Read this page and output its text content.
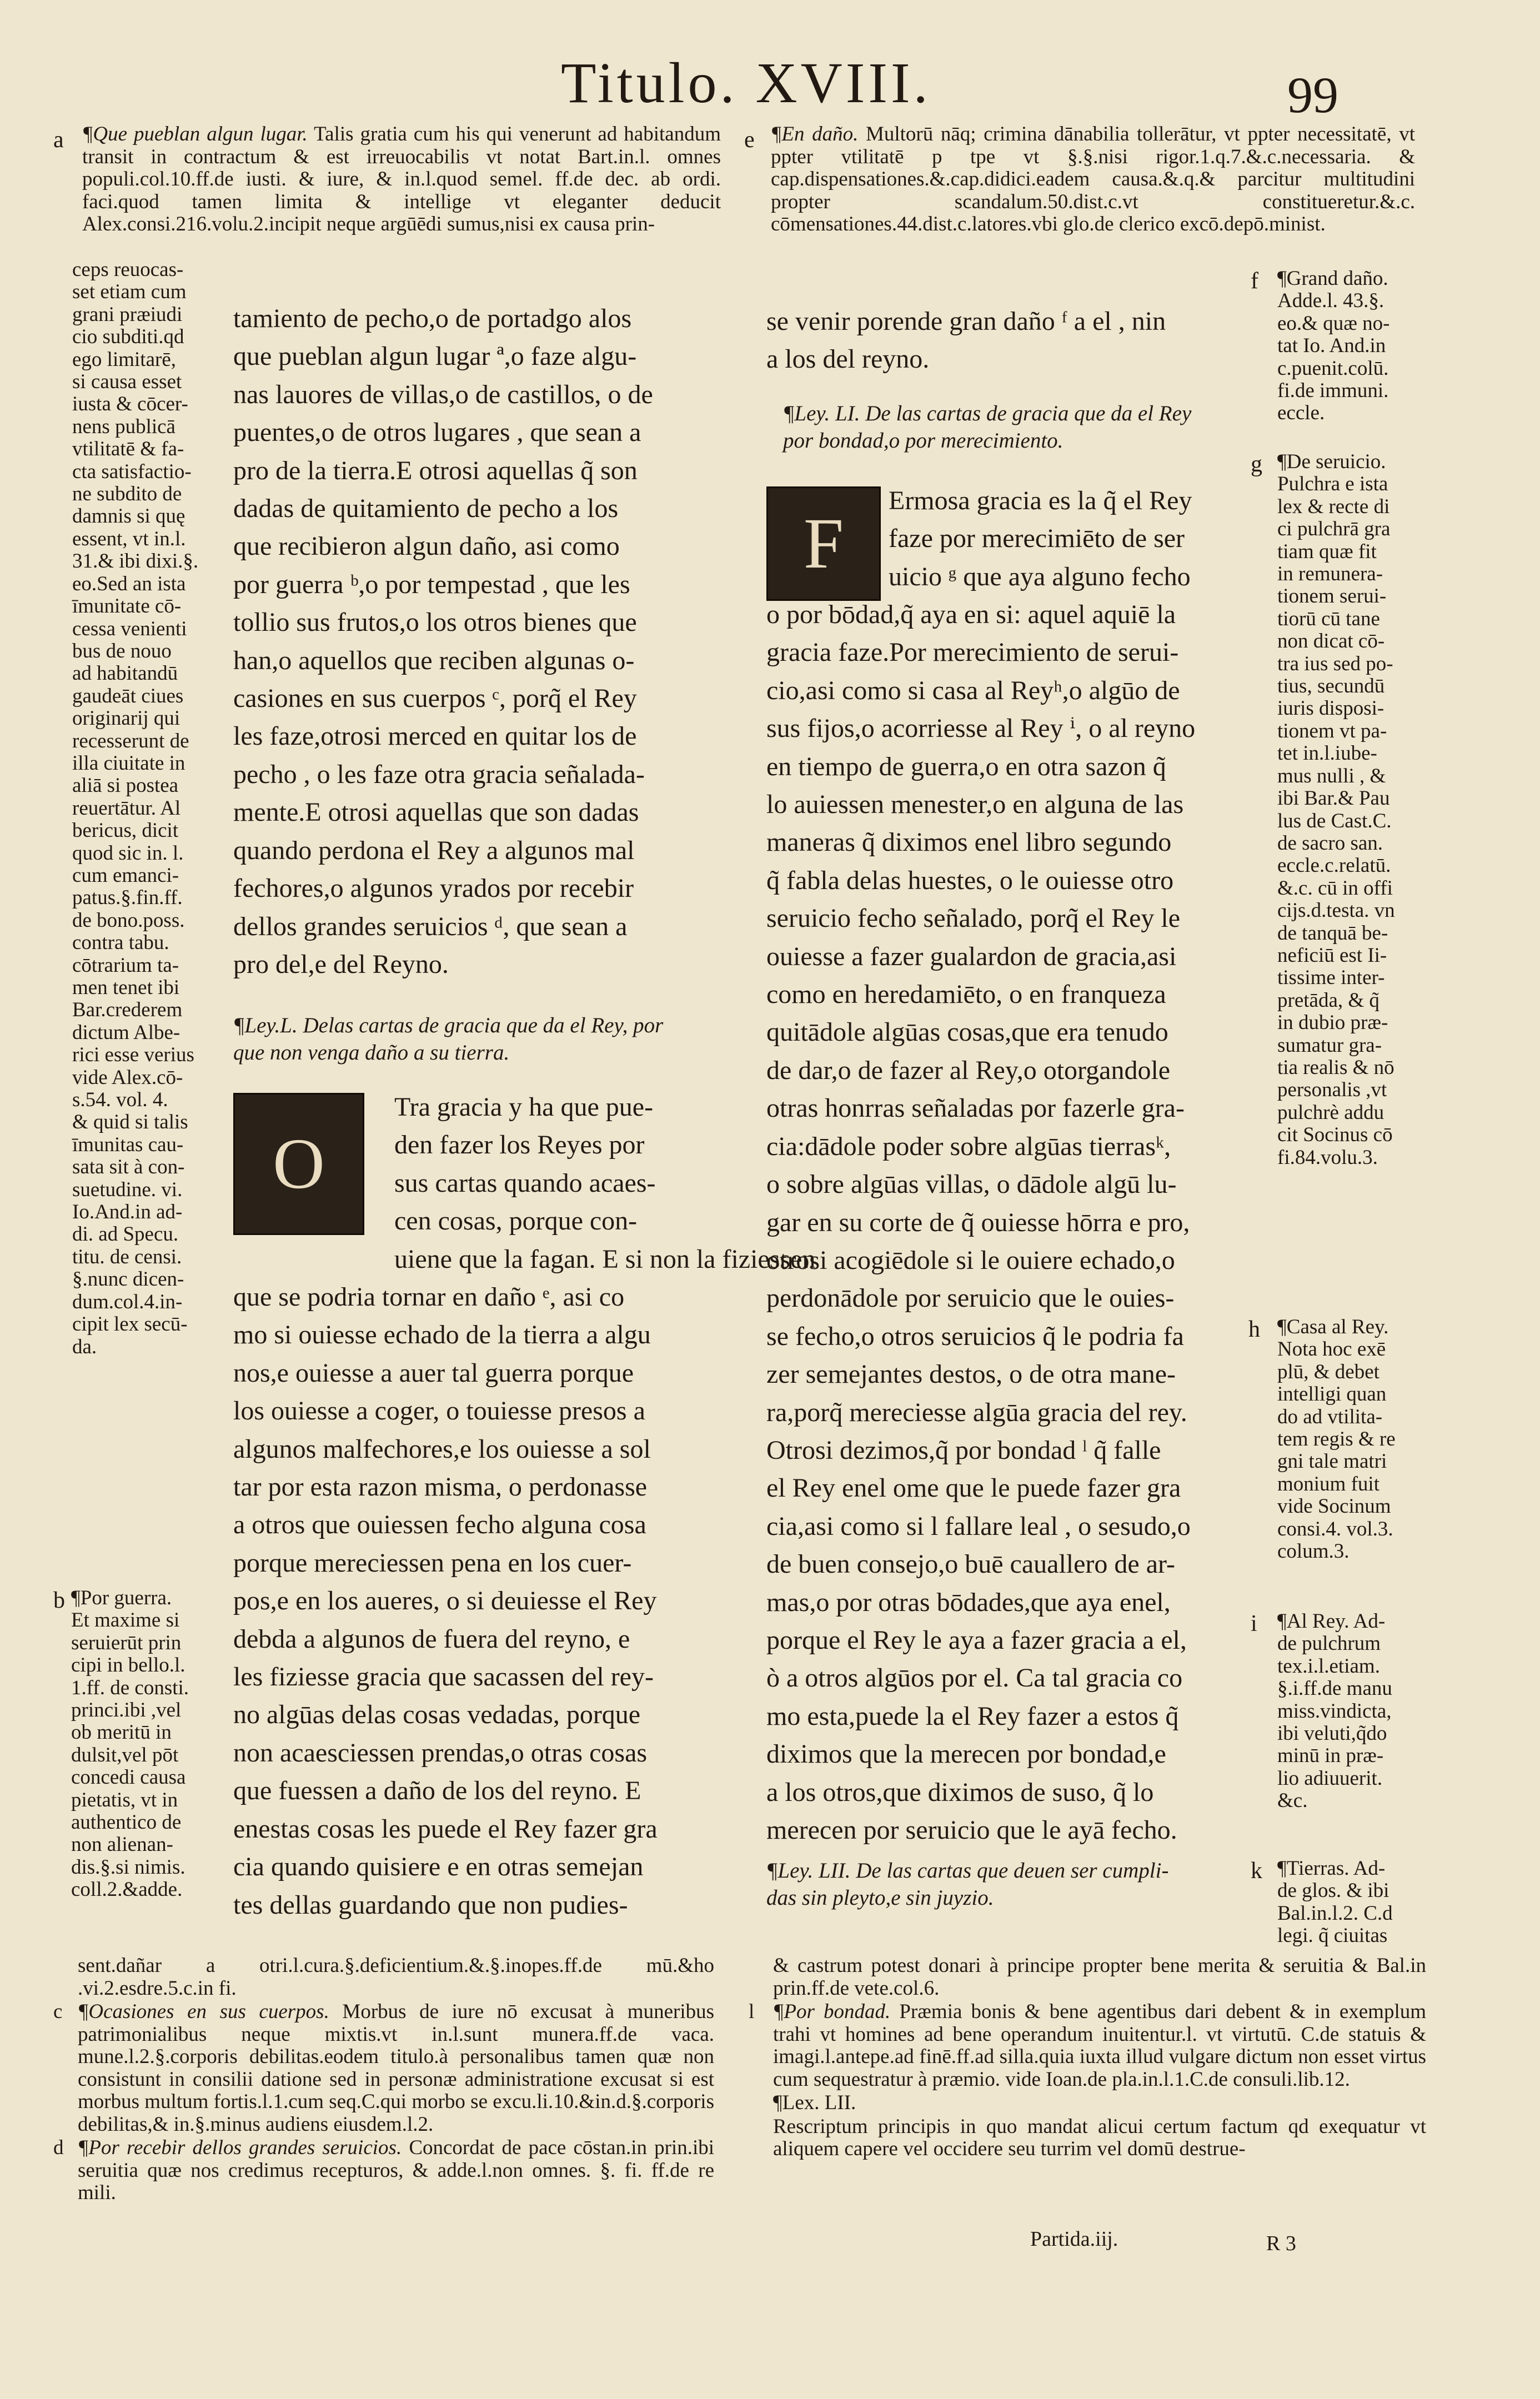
Titulo. XVIII.	99
a ¶Que pueblan algun lugar. Talis gratia cum his qui venerunt ad habitandum transit in contractum & est irreuocabilis vt notat Bart.in.l. omnes populi.col.10.ff.de iusti. & iure, & in.l.quod semel. ff.de dec. ab ordi. faci.quod tamen limita & intellige vt eleganter deducit Alex.consi.216.volu.2.incipit neque argūēdi sumus,nisi ex causa prin-
e ¶En daño. Multorū nāq; crimina dānabilia tollerātur, vt ͏ppter necessitatē, vt ͏ppter vtilitatē ͏p tpe vt §.§.nisi rigor.1.q.7.&.c.necessaria. & cap.dispensationes.&.cap.didici.eadem causa.&.q.& parcitur multitudini propter scandalum.50.dist.c.vt constitueretur.&.c. cōmensationes.44.dist.c.latores.vbi glo.de clerico excō.depō.minist.
ceps reuocas-
set etiam cum
grani præiudi
cio subditi.qd
ego limitarē,
si causa esset
iusta & cōcer-
nens publicā
vtilitatē & fa-
cta satisfactio-
ne subdito de
damnis si quę
essent, vt in.l.
31.& ibi dixi.§.
eo.Sed an ista
īmunitate cō-
cessa venienti
bus de nouo
ad habitandū
gaudeāt ciues
originarij qui
recesserunt de
illa ciuitate in
aliā si postea
reuertātur. Al
bericus, dicit
quod sic in. l.
cum emanci-
patus.§.fin.ff.
de bono.poss.
contra tabu.
cōtrarium ta-
men tenet ibi
Bar.crederem
dictum Albe-
rici esse verius
vide Alex.cō-
s.54. vol. 4.
& quid si talis
īmunitas cau-
sata sit à con-
suetudine. vi.
Io.And.in ad-
di. ad Specu.
titu. de censi.
§.nunc dicen-
dum.col.4.in-
cipit lex secū-
da.
b ¶Por guerra.
Et maxime si
seruierūt prin
cipi in bello.l.
1.ff. de consti.
princi.ibi ,vel
ob meritū in
dulsit,vel pōt
concedi causa
pietatis, vt in
authentico de
non alienan-
dis.§.si nimis.
coll.2.&adde.
tamiento de pecho,o de portadgo alos
que pueblan algun lugar ª,o faze algu-
nas lauores de villas,o de castillos, o de
puentes,o de otros lugares , que sean a
pro de la tierra.E otrosi aquellas q̃ son
dadas de quitamiento de pecho a los
que recibieron algun daño, asi como
por guerra ᵇ,o por tempestad , que les
tollio sus frutos,o los otros bienes que
han,o aquellos que reciben algunas o-
casiones en sus cuerpos ᶜ, porq̃ el Rey
les faze,otrosi merced en quitar los de
pecho , o les faze otra gracia señalada-
mente.E otrosi aquellas que son dadas
quando perdona el Rey a algunos mal
fechores,o algunos yrados por recebir
dellos grandes seruicios ᵈ, que sean a
pro del,e del Reyno.
¶Ley.L. Delas cartas de gracia que da el Rey, por
que non venga daño a su tierra.
O
Tra gracia y ha que pue-
den fazer los Reyes por
sus cartas quando acaes-
cen cosas, porque con-
uiene que la fagan. E si non la fiziessen
que se podria tornar en daño ᵉ, asi co
mo si ouiesse echado de la tierra a algu
nos,e ouiesse a auer tal guerra porque
los ouiesse a coger, o touiesse presos a
algunos malfechores,e los ouiesse a sol
tar por esta razon misma, o perdonasse
a otros que ouiessen fecho alguna cosa
porque mereciessen pena en los cuer-
pos,e en los aueres, o si deuiesse el Rey
debda a algunos de fuera del reyno, e
les fiziesse gracia que sacassen del rey-
no algūas delas cosas vedadas, porque
non acaesciessen prendas,o otras cosas
que fuessen a daño de los del reyno. E
enestas cosas les puede el Rey fazer gra
cia quando quisiere e en otras semejan
tes dellas guardando que non pudies-
sent.dañar a otri.l.cura.§.deficientium.&.§.inopes.ff.de mū.&ho .vi.2.esdre.5.c.in fi.
c ¶Ocasiones en sus cuerpos. Morbus de iure nō excusat à muneribus patrimonialibus neque mixtis.vt in.l.sunt munera.ff.de vaca. mune.l.2.§.corporis debilitas.eodem titulo.à personalibus tamen quæ non consistunt in consilii datione sed in personæ administratione excusat si est morbus multum fortis.l.1.cum seq.C.qui morbo se excu.li.10.&in.d.§.corporis debilitas,& in.§.minus audiens eiusdem.l.2.
d ¶Por recebir dellos grandes seruicios. Concordat de pace cōstan.in prin.ibi seruitia quæ nos credimus recepturos, & adde.l.non omnes. §. fi. ff.de re mili.
se venir porende gran daño ᶠ a el , nin
a los del reyno.
¶Ley. LI. De las cartas de gracia que da el Rey
por bondad,o por merecimiento.
F
Ermosa gracia es la q̃ el Rey
faze por merecimiēto de ser
uicio ᵍ que aya alguno fecho
o por bōdad,q̃ aya en si: aquel aquiē la
gracia faze.Por merecimiento de serui-
cio,asi como si casa al Reyʰ,o algūo de
sus fijos,o acorriesse al Rey ⁱ, o al reyno
en tiempo de guerra,o en otra sazon q̃
lo auiessen menester,o en alguna de las
maneras q̃ diximos enel libro segundo
q̃ fabla delas huestes, o le ouiesse otro
seruicio fecho señalado, porq̃ el Rey le
ouiesse a fazer gualardon de gracia,asi
como en heredamiēto, o en franqueza
quitādole algūas cosas,que era tenudo
de dar,o de fazer al Rey,o otorgandole
otras honrras señaladas por fazerle gra-
cia:dādole poder sobre algūas tierrasᵏ,
o sobre algūas villas, o dādole algū lu-
gar en su corte de q̃ ouiesse hōrra e pro,
otrosi acogiēdole si le ouiere echado,o
perdonādole por seruicio que le ouies-
se fecho,o otros seruicios q̃ le podria fa
zer semejantes destos, o de otra mane-
ra,porq̃ mereciesse algūa gracia del rey.
Otrosi dezimos,q̃ por bondad ˡ q̃ falle
el Rey enel ome que le puede fazer gra
cia,asi como si l fallare leal , o sesudo,o
de buen consejo,o buē cauallero de ar-
mas,o por otras bōdades,que aya enel,
porque el Rey le aya a fazer gracia a el,
ò a otros algūos por el. Ca tal gracia co
mo esta,puede la el Rey fazer a estos q̃
diximos que la merecen por bondad,e
a los otros,que diximos de suso, q̃ lo
merecen por seruicio que le ayā fecho.
¶Ley. LII. De las cartas que deuen ser cumpli-
das sin pleyto,e sin juyzio.
f ¶Grand daño.
Adde.l. 43.§.
eo.& quæ no-
tat Io. And.in
c.puenit.colū.
fi.de immuni.
eccle.
g ¶De seruicio.
Pulchra e ista
lex & recte di
ci pulchrā gra
tiam quæ fit
in remunera-
tionem serui-
tiorū cū tane
non dicat cō-
tra ius sed po-
tius, secundū
iuris disposi-
tionem vt pa-
tet in.l.iube-
mus nulli , &
ibi Bar.& Pau
lus de Cast.C.
de sacro san.
eccle.c.relatū.
&.c. cū in offi
cijs.d.testa. vn
de tanquā be-
neficiū est Ii-
tissime inter-
pretāda, & q̃
in dubio præ-
sumatur gra-
tia realis & nō
personalis ,vt
pulchrè addu
cit Socinus cō
fi.84.volu.3.
h ¶Casa al Rey.
Nota hoc exē
plū, & debet
intelligi quan
do ad vtilita-
tem regis & re
gni tale matri
monium fuit
vide Socinum
consi.4. vol.3.
colum.3.
i ¶Al Rey. Ad-
de pulchrum
tex.i.l.etiam.
§.i.ff.de manu
miss.vindicta,
ibi veluti,q̃do
minū in præ-
lio adiuuerit.
&c.
k ¶Tierras. Ad-
de glos. & ibi
Bal.in.l.2. C.d
legi. q̃ ciuitas
& castrum potest donari à principe propter bene merita & seruitia & Bal.in prin.ff.de vete.col.6.
l ¶Por bondad. Præmia bonis & bene agentibus dari debent & in exemplum trahi vt homines ad bene operandum inuitentur.l. vt virtutū. C.de statuis & imagi.l.antepe.ad finē.ff.ad silla.quia iuxta illud vulgare dictum non esset virtus cum sequestratur à præmio. vide Ioan.de pla.in.l.1.C.de consuli.lib.12.
¶Lex. LII.
Rescriptum principis in quo mandat alicui certum factum qd exequatur vt aliquem capere vel occidere seu turrim vel domū destrue-
Partida.iij.	R 3
